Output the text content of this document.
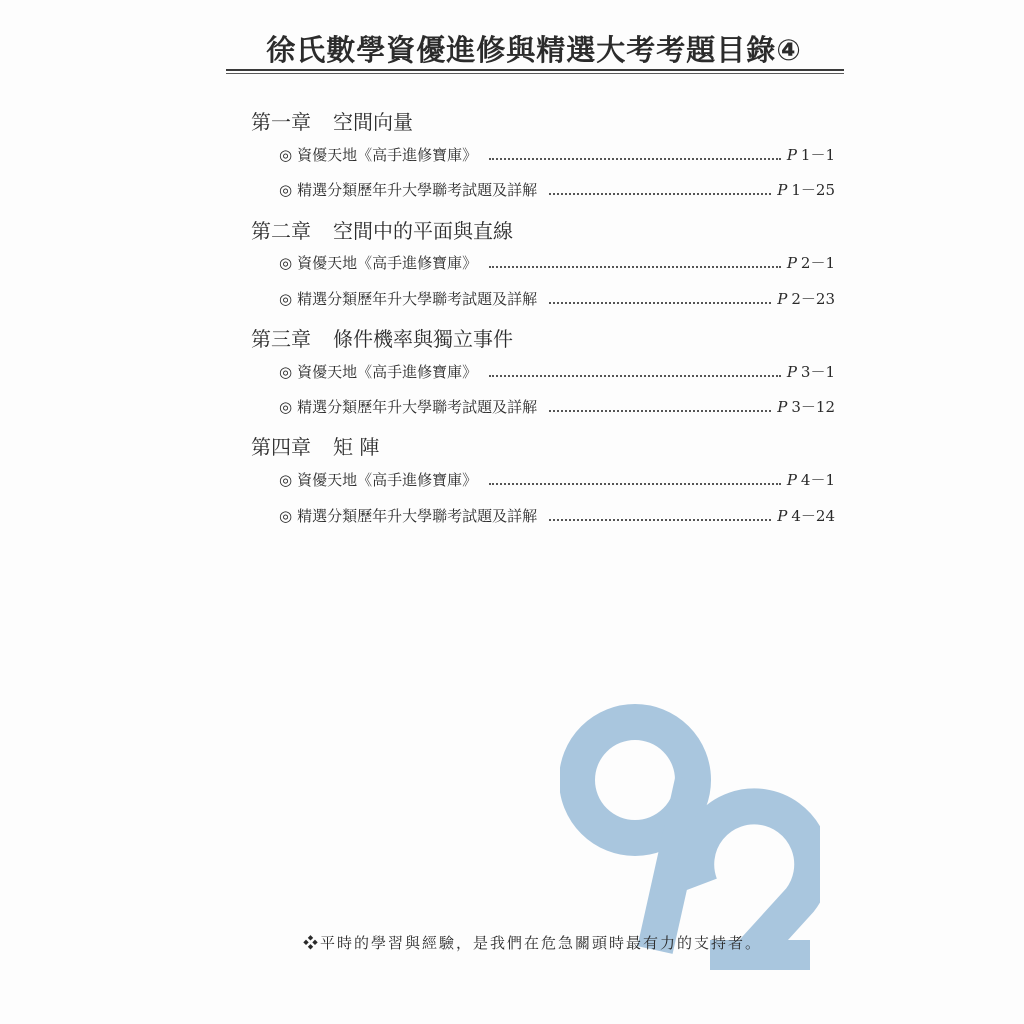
徐氏數學資優進修與精選大考考題目錄④
第一章 空間向量
◎ 資優天地《高手進修寶庫》	P 1－1
◎ 精選分類歷年升大學聯考試題及詳解	P 1－25
第二章 空間中的平面與直線
◎ 資優天地《高手進修寶庫》	P 2－1
◎ 精選分類歷年升大學聯考試題及詳解	P 2－23
第三章 條件機率與獨立事件
◎ 資優天地《高手進修寶庫》	P 3－1
◎ 精選分類歷年升大學聯考試題及詳解	P 3－12
第四章 矩 陣
◎ 資優天地《高手進修寶庫》	P 4－1
◎ 精選分類歷年升大學聯考試題及詳解	P 4－24
❖平時的學習與經驗，是我們在危急關頭時最有力的支持者。
